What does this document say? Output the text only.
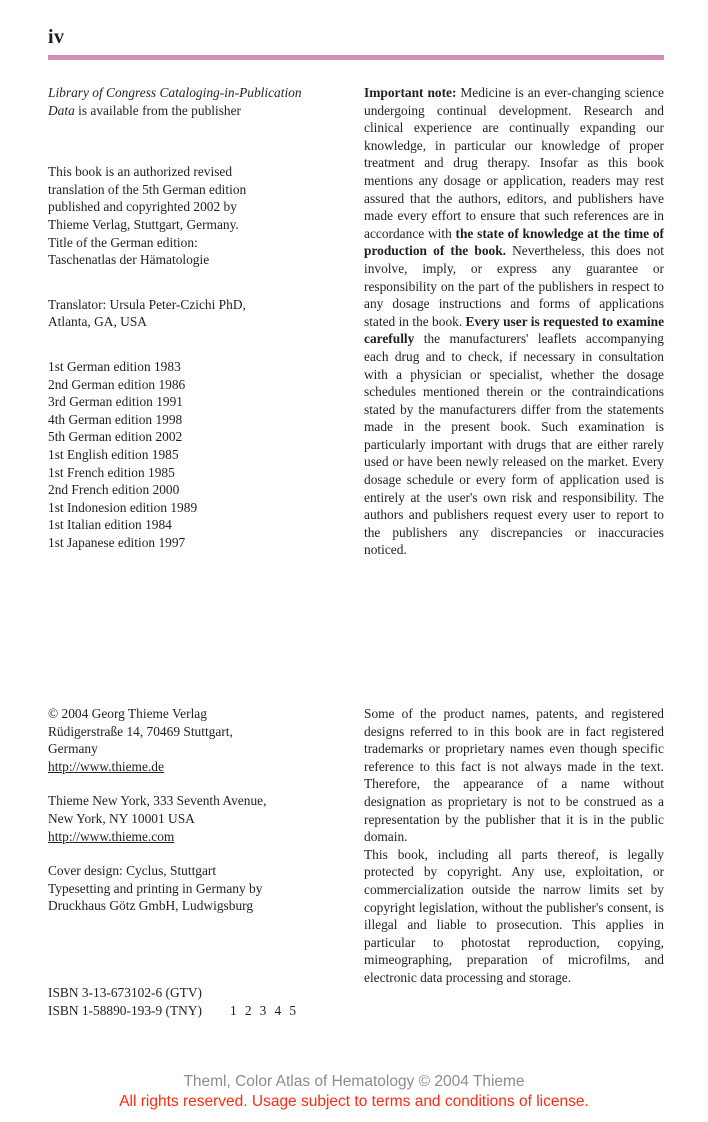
iv
Library of Congress Cataloging-in-Publication Data is available from the publisher
This book is an authorized revised
translation of the 5th German edition
published and copyrighted 2002 by
Thieme Verlag, Stuttgart, Germany.
Title of the German edition:
Taschenatlas der Hämatologie
Translator: Ursula Peter-Czichi PhD,
Atlanta, GA, USA
1st German edition 1983
2nd German edition 1986
3rd German edition 1991
4th German edition 1998
5th German edition 2002
1st English edition 1985
1st French edition 1985
2nd French edition 2000
1st Indonesion edition 1989
1st Italian edition 1984
1st Japanese edition 1997
© 2004 Georg Thieme Verlag
Rüdigerstraße 14, 70469 Stuttgart,
Germany
http://www.thieme.de
Thieme New York, 333 Seventh Avenue,
New York, NY 10001 USA
http://www.thieme.com
Cover design: Cyclus, Stuttgart
Typesetting and printing in Germany by
Druckhaus Götz GmbH, Ludwigsburg
ISBN 3-13-673102-6 (GTV)
ISBN 1-58890-193-9 (TNY) 1 2 3 4 5
Important note: Medicine is an ever-changing science undergoing continual development. Research and clinical experience are continually expanding our knowledge, in particular our knowledge of proper treatment and drug therapy. Insofar as this book mentions any dosage or application, readers may rest assured that the authors, editors, and publishers have made every effort to ensure that such references are in accordance with the state of knowledge at the time of production of the book. Nevertheless, this does not involve, imply, or express any guarantee or responsibility on the part of the publishers in respect to any dosage instructions and forms of applications stated in the book. Every user is requested to examine carefully the manufacturers' leaflets accompanying each drug and to check, if necessary in consultation with a physician or specialist, whether the dosage schedules mentioned therein or the contraindications stated by the manufacturers differ from the statements made in the present book. Such examination is particularly important with drugs that are either rarely used or have been newly released on the market. Every dosage schedule or every form of application used is entirely at the user's own risk and responsibility. The authors and publishers request every user to report to the publishers any discrepancies or inaccuracies noticed.
Some of the product names, patents, and registered designs referred to in this book are in fact registered trademarks or proprietary names even though specific reference to this fact is not always made in the text. Therefore, the appearance of a name without designation as proprietary is not to be construed as a representation by the publisher that it is in the public domain.
This book, including all parts thereof, is legally protected by copyright. Any use, exploitation, or commercialization outside the narrow limits set by copyright legislation, without the publisher's consent, is illegal and liable to prosecution. This applies in particular to photostat reproduction, copying, mimeographing, preparation of microfilms, and electronic data processing and storage.
Theml, Color Atlas of Hematology © 2004 Thieme
All rights reserved. Usage subject to terms and conditions of license.
